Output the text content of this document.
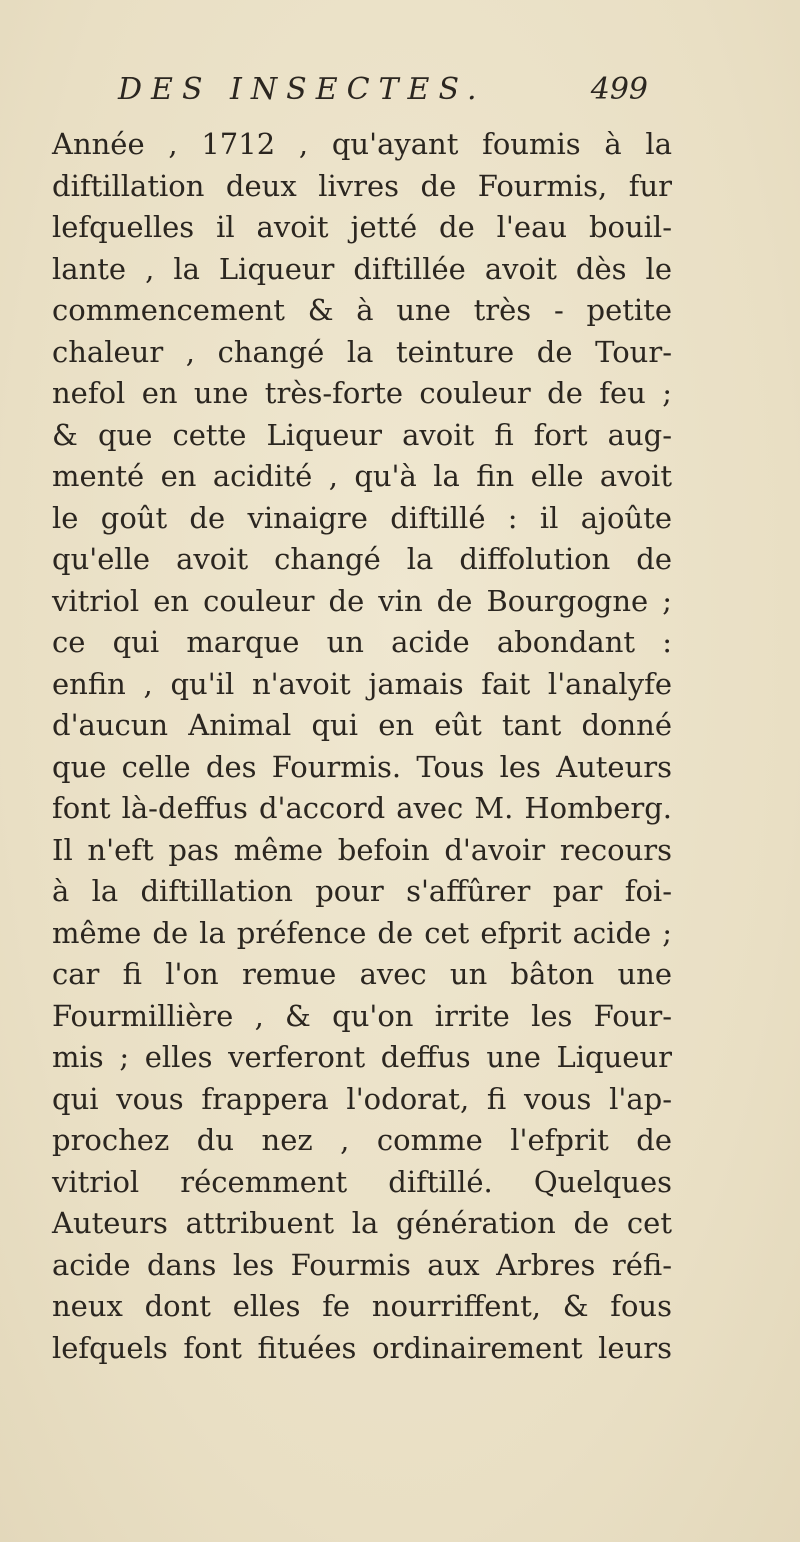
DES INSECTES.	499
Année , 1712 , qu'ayant foumis à la
diftillation deux livres de Fourmis, fur
lefquelles il avoit jetté de l'eau bouil-
lante , la Liqueur diftillée avoit dès le
commencement & à une très - petite
chaleur , changé la teinture de Tour-
nefol en une très-forte couleur de feu ;
& que cette Liqueur avoit fi fort aug-
menté en acidité , qu'à la fin elle avoit
le goût de vinaigre diftillé : il ajoûte
qu'elle avoit changé la diffolution de
vitriol en couleur de vin de Bourgogne ;
ce qui marque un acide abondant :
enfin , qu'il n'avoit jamais fait l'analyfe
d'aucun Animal qui en eût tant donné
que celle des Fourmis. Tous les Auteurs
font là-deffus d'accord avec M. Homberg.
Il n'eft pas même befoin d'avoir recours
à la diftillation pour s'affûrer par foi-
même de la préfence de cet efprit acide ;
car fi l'on remue avec un bâton une
Fourmillière , & qu'on irrite les Four-
mis ; elles verferont deffus une Liqueur
qui vous frappera l'odorat, fi vous l'ap-
prochez du nez , comme l'efprit de
vitriol récemment diftillé. Quelques
Auteurs attribuent la génération de cet
acide dans les Fourmis aux Arbres réfi-
neux dont elles fe nourriffent, & fous
lefquels font fituées ordinairement leurs
